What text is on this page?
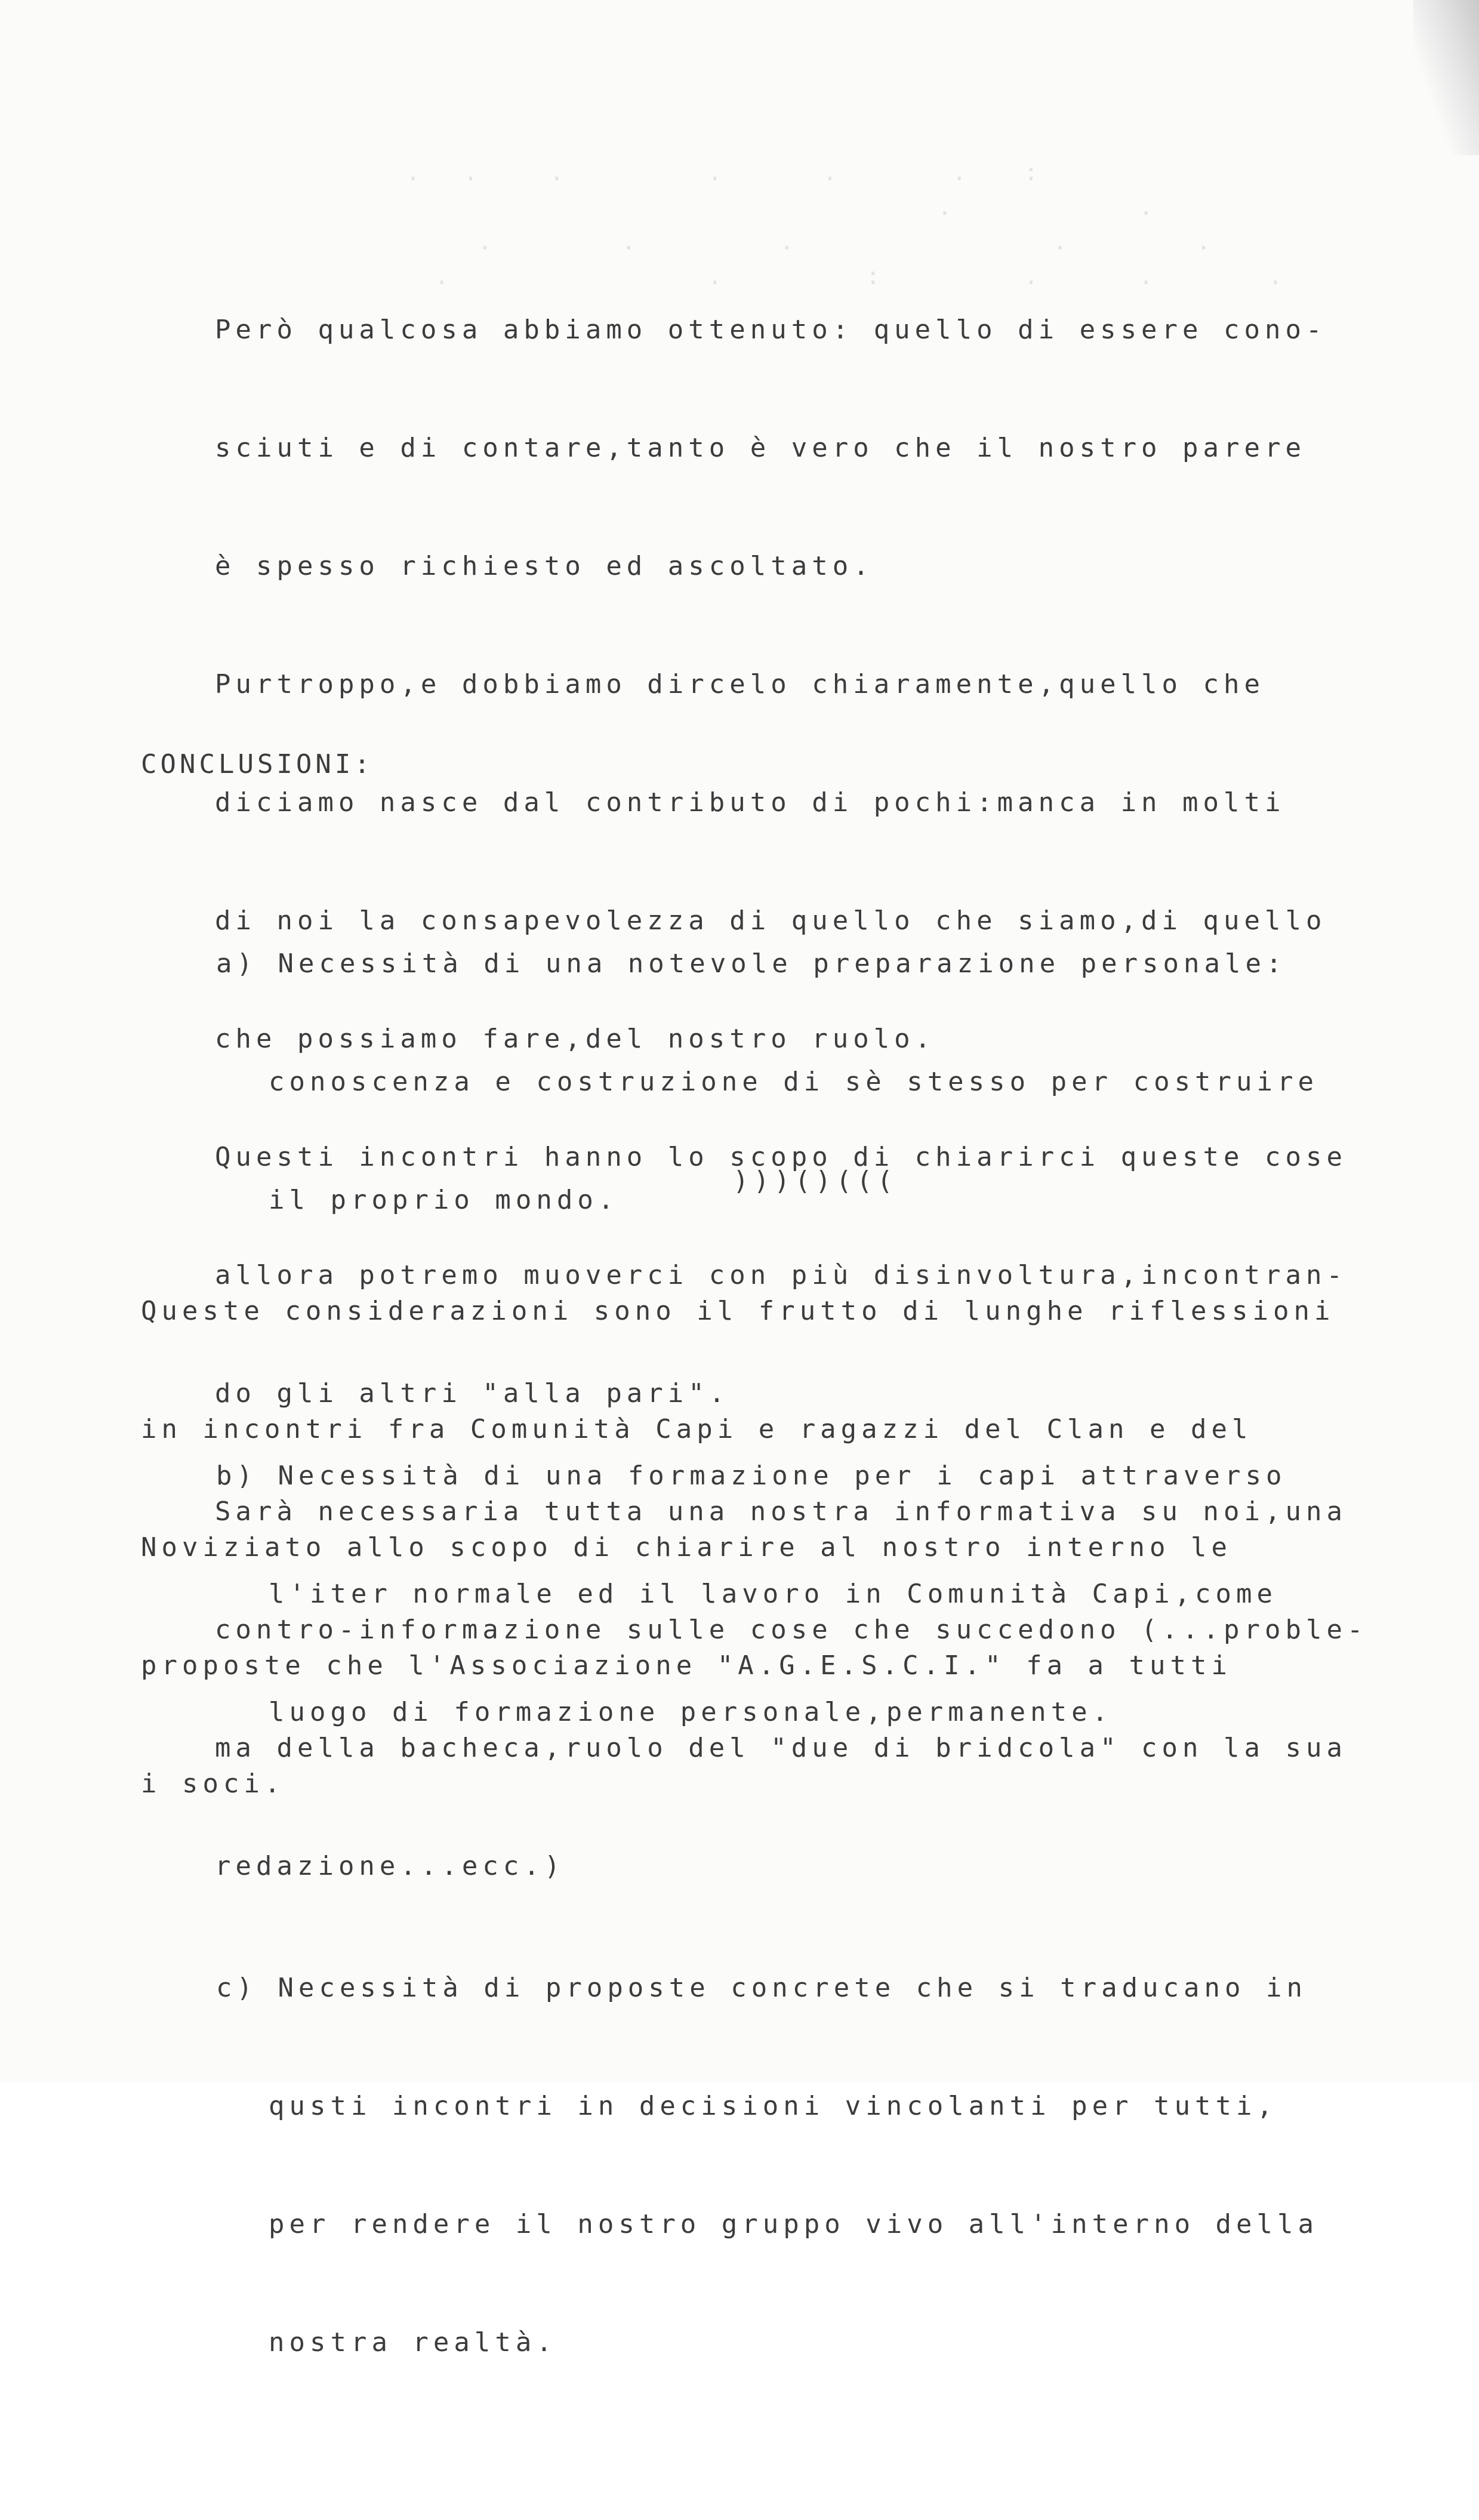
.   .     .          .       .        .    :
.             .
.         .          .                  .         .
.                  .          :          .       .        .

Però qualcosa abbiamo ottenuto: quello di essere cono-

sciuti e di contare,tanto è vero che il nostro parere

è spesso richiesto ed ascoltato.

Purtroppo,e dobbiamo dircelo chiaramente,quello che

diciamo nasce dal contributo di pochi:manca in molti

di noi la consapevolezza di quello che siamo,di quello

che possiamo fare,del nostro ruolo.

Questi incontri hanno lo scopo di chiarirci queste cose

allora potremo muoverci con più disinvoltura,incontran-

do gli altri "alla pari".

Sarà necessaria tutta una nostra informativa su noi,una

contro-informazione sulle cose che succedono (...proble-

ma della bacheca,ruolo del "due di bridcola" con la sua

redazione...ecc.)

CONCLUSIONI:

a) Necessità di una notevole preparazione personale:

conoscenza e costruzione di sè stesso per costruire

il proprio mondo.

b) Necessità di una formazione per i capi attraverso

l'iter normale ed il lavoro in Comunità Capi,come

luogo di formazione personale,permanente.

c) Necessità di proposte concrete che si traducano in

qusti incontri in decisioni vincolanti per tutti,

per rendere il nostro gruppo vivo all'interno della

nostra realtà.

)))()(((

Queste considerazioni sono il frutto di lunghe riflessioni

in incontri fra Comunità Capi e ragazzi del Clan e del

Noviziato allo scopo di chiarire al nostro interno le

proposte che l'Associazione "A.G.E.S.C.I." fa a tutti

i soci.
